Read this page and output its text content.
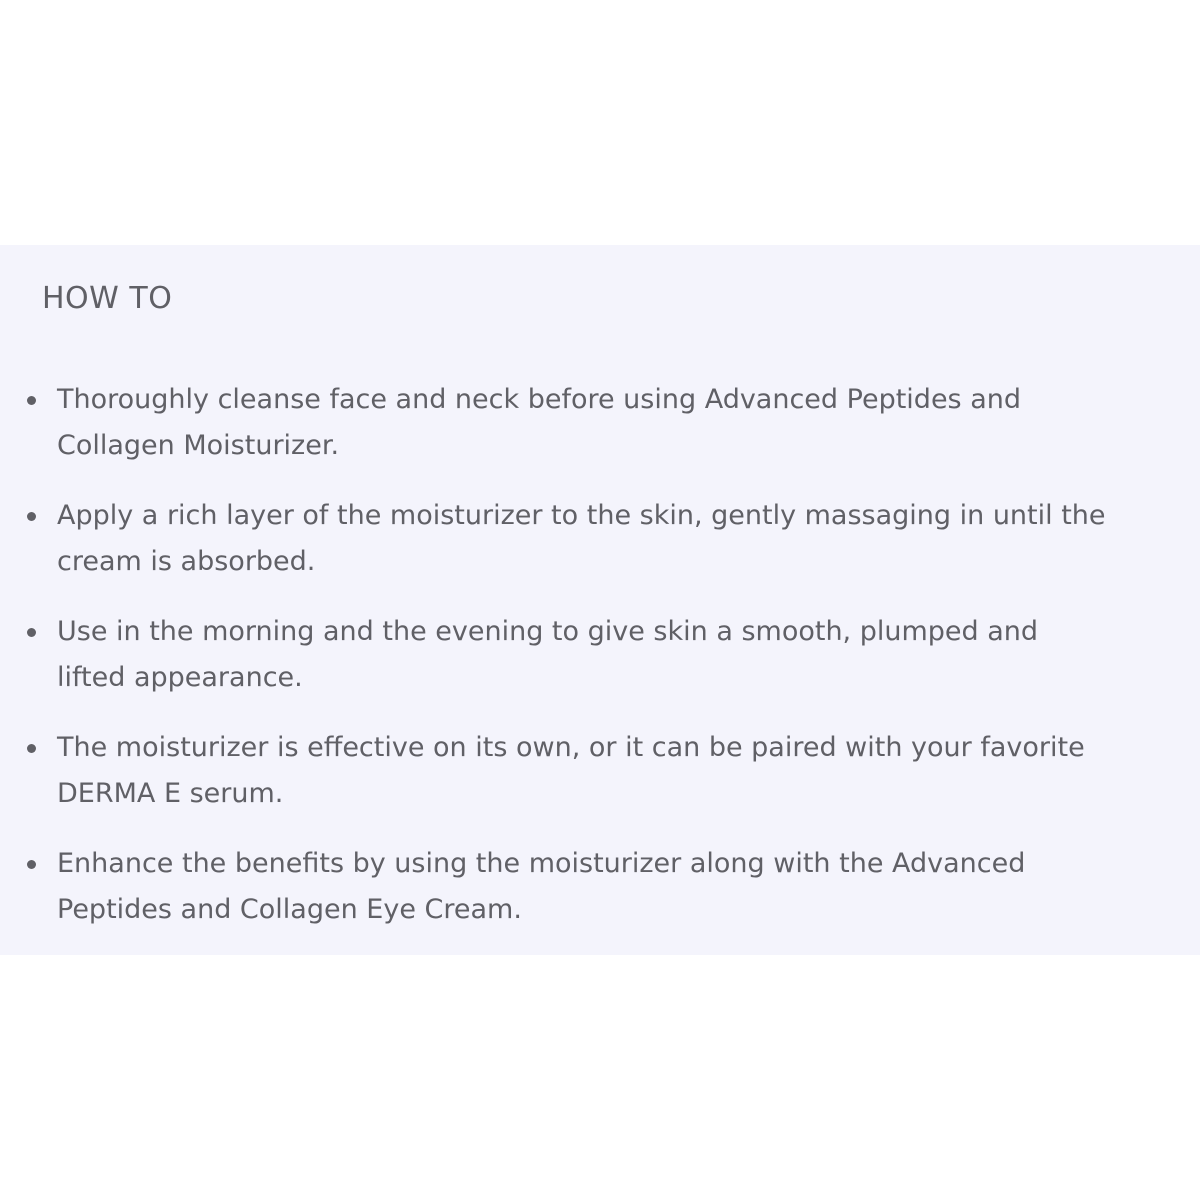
HOW TO
Thoroughly cleanse face and neck before using Advanced Peptides and
Collagen Moisturizer.
Apply a rich layer of the moisturizer to the skin, gently massaging in until the
cream is absorbed.
Use in the morning and the evening to give skin a smooth, plumped and
lifted appearance.
The moisturizer is effective on its own, or it can be paired with your favorite
DERMA E serum.
Enhance the benefits by using the moisturizer along with the Advanced
Peptides and Collagen Eye Cream.
